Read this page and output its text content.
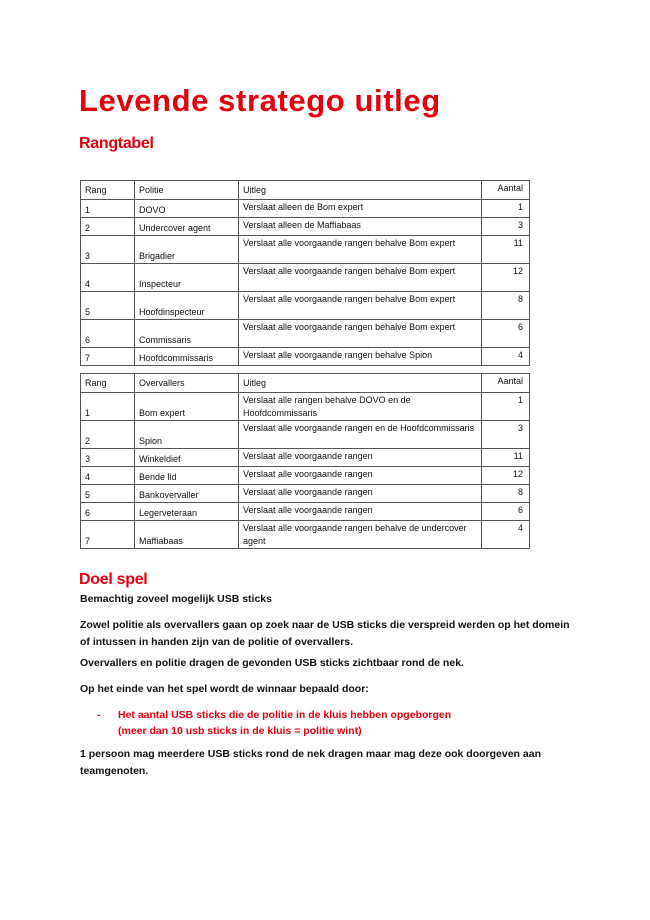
Levende stratego uitleg
Rangtabel
Rang	Politie	Uitleg	Aantal
1	DOVO	Verslaat alleen de Bom expert	1
2	Undercover agent	Verslaat alleen de Maffiabaas	3
3	Brigadier	Verslaat alle voorgaande rangen behalve Bom expert	11
4	Inspecteur	Verslaat alle voorgaande rangen behalve Bom expert	12
5	Hoofdinspecteur	Verslaat alle voorgaande rangen behalve Bom expert	8
6	Commissaris	Verslaat alle voorgaande rangen behalve Bom expert	6
7	Hoofdcommissaris	Verslaat alle voorgaande rangen behalve Spion	4
Rang	Overvallers	Uitleg	Aantal
1	Bom expert	Verslaat alle rangen behalve DOVO en de Hoofdcommissaris	1
2	Spion	Verslaat alle voorgaande rangen en de Hoofdcommissaris	3
3	Winkeldief	Verslaat alle voorgaande rangen	11
4	Bende lid	Verslaat alle voorgaande rangen	12
5	Bankovervaller	Verslaat alle voorgaande rangen	8
6	Legerveteraan	Verslaat alle voorgaande rangen	6
7	Maffiabaas	Verslaat alle voorgaande rangen behalve de undercover agent	4
Doel spel

Bemachtig zoveel mogelijk USB sticks

Zowel politie als overvallers gaan op zoek naar de USB sticks die verspreid werden op het domein of intussen in handen zijn van de politie of overvallers.

Overvallers en politie dragen de gevonden USB sticks zichtbaar rond de nek.

Op het einde van het spel wordt de winnaar bepaald door:

- Het aantal USB sticks die de politie in de kluis hebben opgeborgen
(meer dan 10 usb sticks in de kluis = politie wint)

1 persoon mag meerdere USB sticks rond de nek dragen maar mag deze ook doorgeven aan teamgenoten.
